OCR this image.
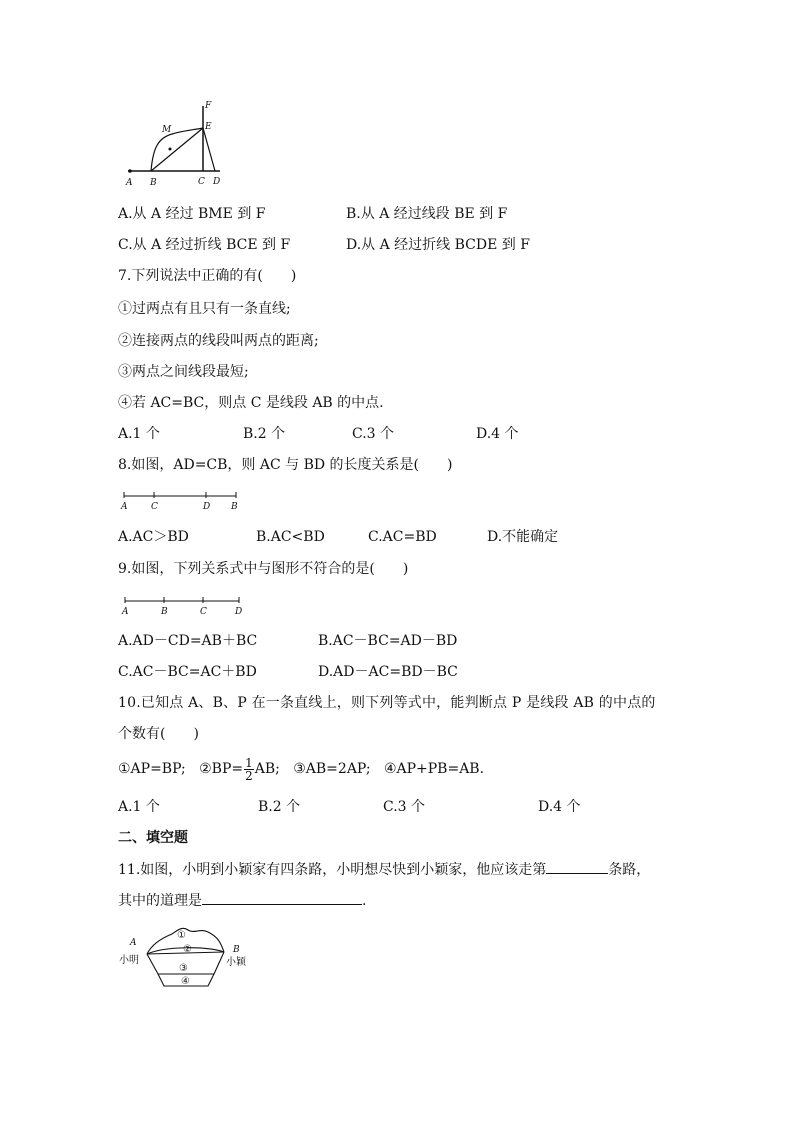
A B	C D
E
F
M
A.从 A 经过 BME 到 F	B.从 A 经过线段 BE 到 F
C.从 A 经过折线 BCE 到 F	D.从 A 经过折线 BCDE 到 F
7.下列说法中正确的有(　　)
①过两点有且只有一条直线;
②连接两点的线段叫两点的距离;
③两点之间线段最短;
④若 AC=BC，则点 C 是线段 AB 的中点.
A.1 个	B.2 个	C.3 个	D.4 个
8.如图，AD=CB，则 AC 与 BD 的长度关系是(　　)
A	C	D B
A.AC＞BD	B.AC<BD	C.AC=BD	D.不能确定
9.如图，下列关系式中与图形不符合的是(　　)
A	B	C	D
A.AD－CD=AB＋BC	B.AC－BC=AD－BD
C.AC－BC=AC＋BD	D.AD－AC=BD－BC
10.已知点 A、B、P 在一条直线上，则下列等式中，能判断点 P 是线段 AB 的中点的
个数有(　　)
①AP=BP; ②BP= $\frac{1}{2}$ AB; ③AB=2AP; ④AP+PB=AB.
A.1 个	B.2 个	C.3 个	D.4 个
二、填空题
11.如图，小明到小颖家有四条路，小明想尽快到小颖家，他应该走第	条路，
其中的道理是	.
A
小明
B
小颖
①
②
③
④
